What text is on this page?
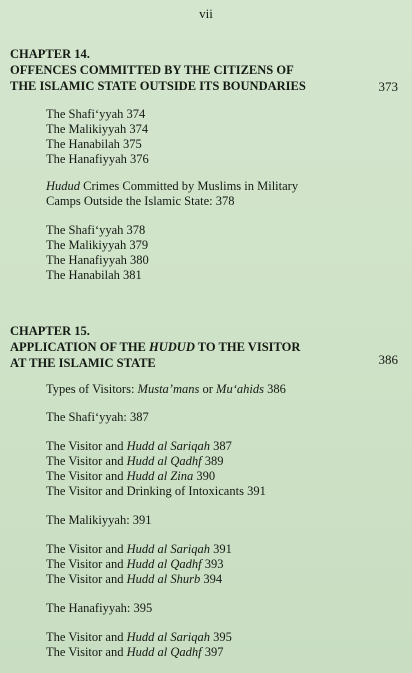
vii
CHAPTER 14.
OFFENCES COMMITTED BY THE CITIZENS OF
THE ISLAMIC STATE OUTSIDE ITS BOUNDARIES	373
The Shafi‘yyah 374
The Malikiyyah 374
The Hanabilah 375
The Hanafiyyah 376
Hudud Crimes Committed by Muslims in Military
Camps Outside the Islamic State: 378
The Shafi‘yyah 378
The Malikiyyah 379
The Hanafiyyah 380
The Hanabilah 381
CHAPTER 15.
APPLICATION OF THE HUDUD TO THE VISITOR
AT THE ISLAMIC STATE	386
Types of Visitors: Musta’mans or Mu‘ahids 386
The Shafi‘yyah: 387
The Visitor and Hudd al Sariqah 387
The Visitor and Hudd al Qadhf 389
The Visitor and Hudd al Zina 390
The Visitor and Drinking of Intoxicants 391
The Malikiyyah: 391
The Visitor and Hudd al Sariqah 391
The Visitor and Hudd al Qadhf 393
The Visitor and Hudd al Shurb 394
The Hanafiyyah: 395
The Visitor and Hudd al Sariqah 395
The Visitor and Hudd al Qadhf 397
